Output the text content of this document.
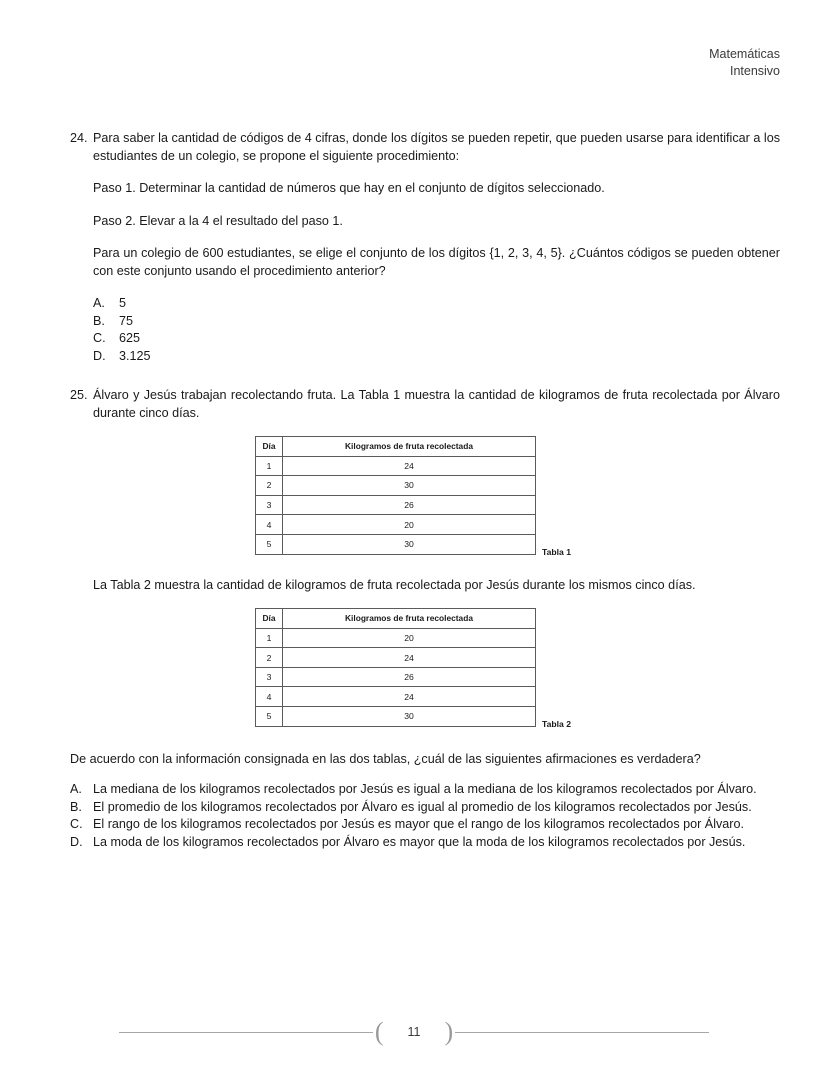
Matemáticas
Intensivo
24. Para saber la cantidad de códigos de 4 cifras, donde los dígitos se pueden repetir, que pueden usarse para identificar a los estudiantes de un colegio, se propone el siguiente procedimiento:

Paso 1. Determinar la cantidad de números que hay en el conjunto de dígitos seleccionado.

Paso 2. Elevar a la 4 el resultado del paso 1.

Para un colegio de 600 estudiantes, se elige el conjunto de los dígitos {1, 2, 3, 4, 5}. ¿Cuántos códigos se pueden obtener con este conjunto usando el procedimiento anterior?

A. 5
B. 75
C. 625
D. 3.125
25. Álvaro y Jesús trabajan recolectando fruta. La Tabla 1 muestra la cantidad de kilogramos de fruta recolectada por Álvaro durante cinco días.

Día	Kilogramos de fruta recolectada
1	24
2	30
3	26
4	20
5	30
Tabla 1

La Tabla 2 muestra la cantidad de kilogramos de fruta recolectada por Jesús durante los mismos cinco días.

Día	Kilogramos de fruta recolectada
1	20
2	24
3	26
4	24
5	30
Tabla 2

De acuerdo con la información consignada en las dos tablas, ¿cuál de las siguientes afirmaciones es verdadera?

A. La mediana de los kilogramos recolectados por Jesús es igual a la mediana de los kilogramos recolectados por Álvaro.
B. El promedio de los kilogramos recolectados por Álvaro es igual al promedio de los kilogramos recolectados por Jesús.
C. El rango de los kilogramos recolectados por Jesús es mayor que el rango de los kilogramos recolectados por Álvaro.
D. La moda de los kilogramos recolectados por Álvaro es mayor que la moda de los kilogramos recolectados por Jesús.
(	11 )
